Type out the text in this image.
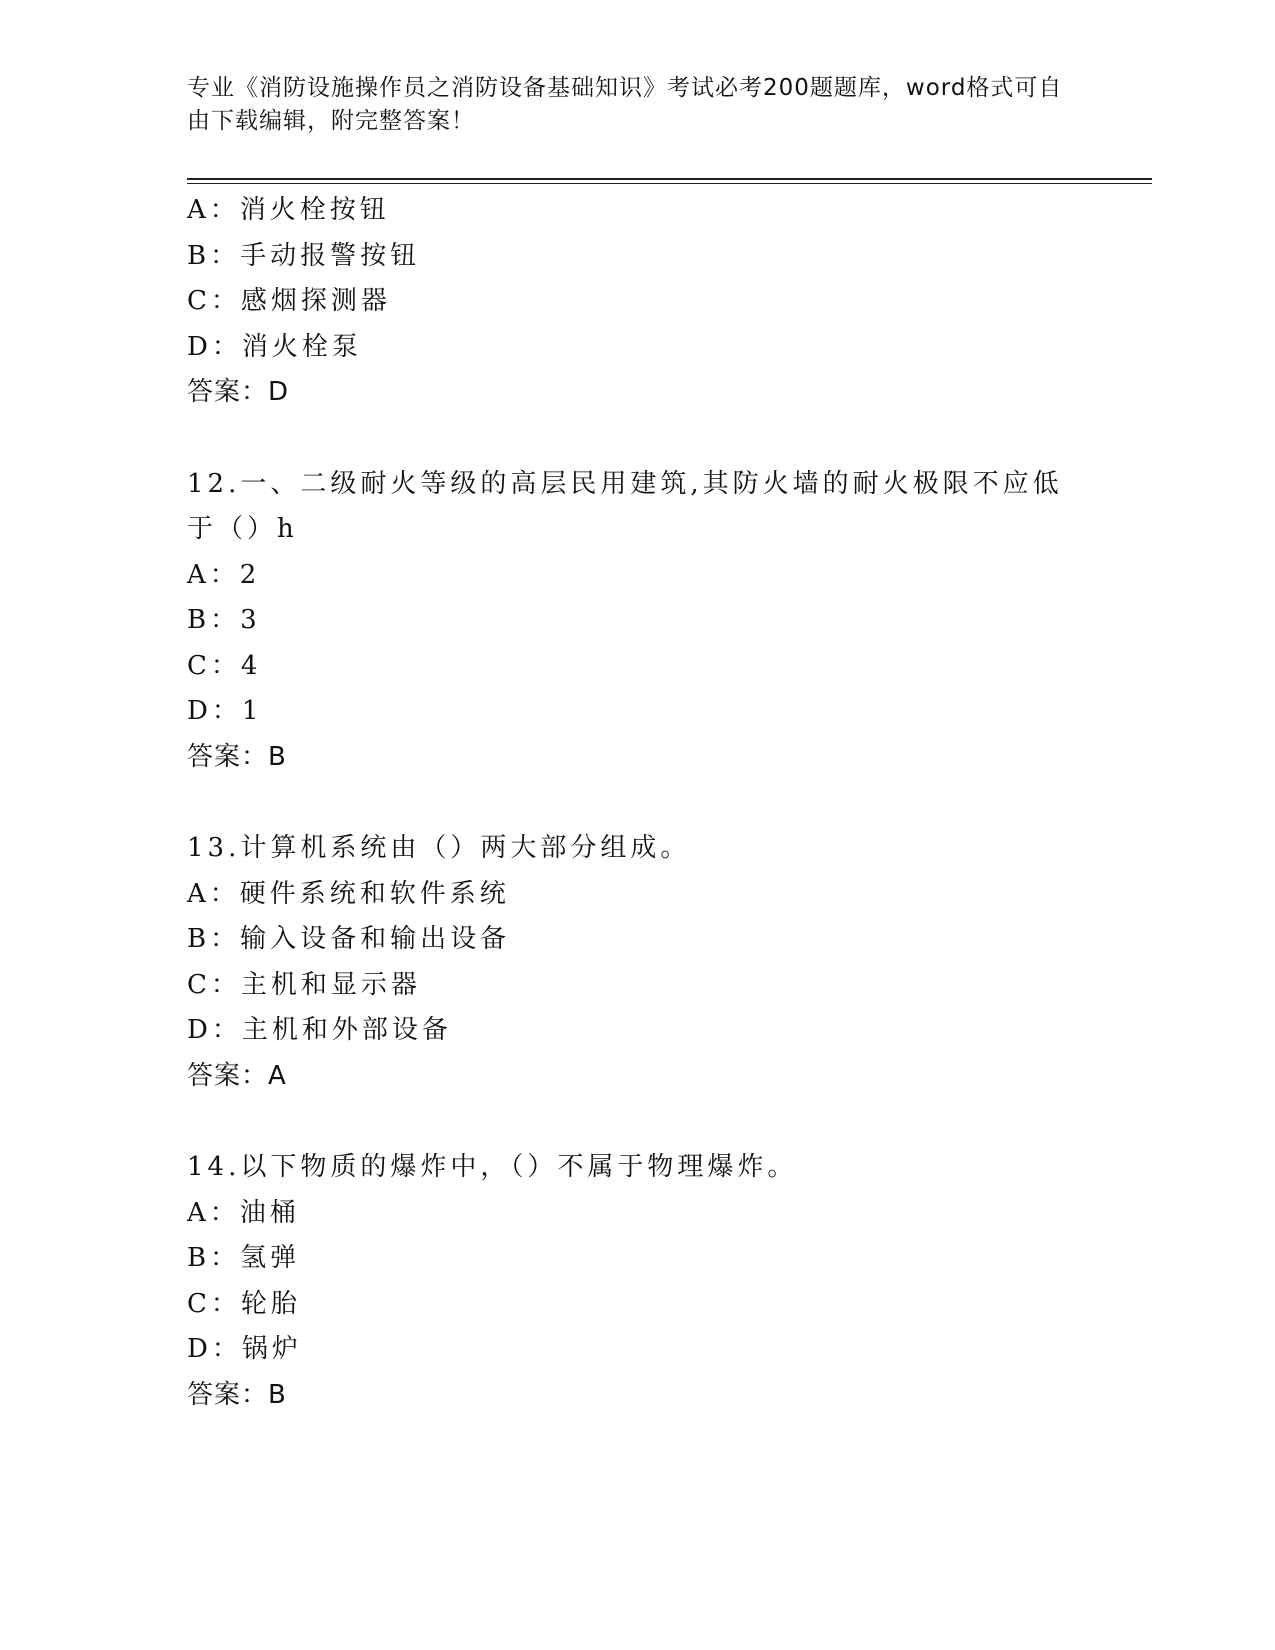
专业《消防设施操作员之消防设备基础知识》考试必考200题题库，word格式可自由下载编辑，附完整答案！
A：消火栓按钮
B：手动报警按钮
C：感烟探测器
D：消火栓泵
答案：D
12.一、二级耐火等级的高层民用建筑,其防火墙的耐火极限不应低于（）h
A：2
B：3
C：4
D：1
答案：B
13.计算机系统由（）两大部分组成。
A：硬件系统和软件系统
B：输入设备和输出设备
C：主机和显示器
D：主机和外部设备
答案：A
14.以下物质的爆炸中，（）不属于物理爆炸。
A：油桶
B：氢弹
C：轮胎
D：锅炉
答案：B
